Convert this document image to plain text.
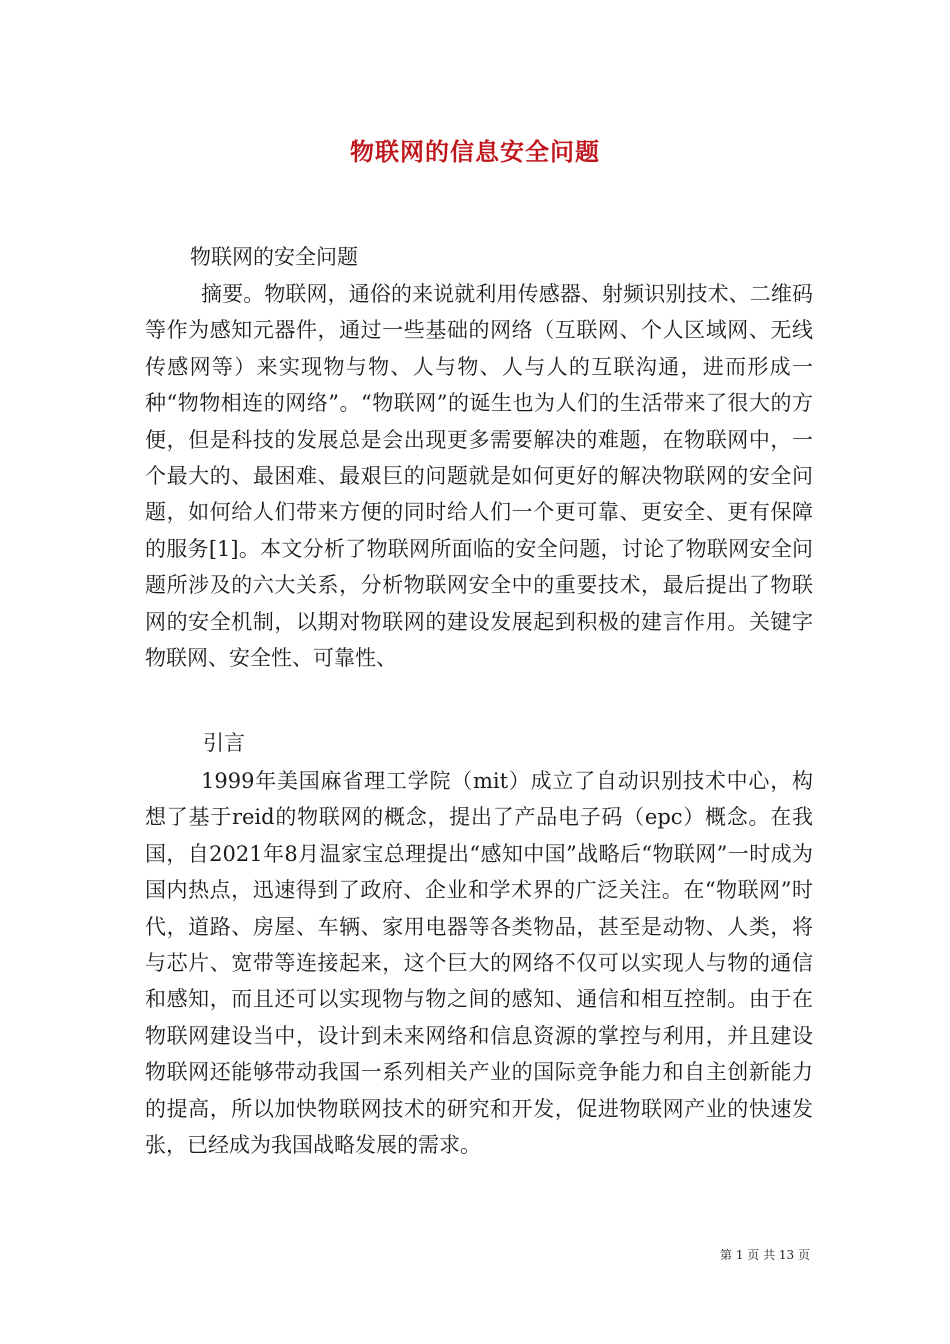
物联网的信息安全问题
物联网的安全问题

摘要。物联网，通俗的来说就利用传感器、射频识别技术、二维码等作为感知元器件，通过一些基础的网络（互联网、个人区域网、无线传感网等）来实现物与物、人与物、人与人的互联沟通，进而形成一种“物物相连的网络”。“物联网”的诞生也为人们的生活带来了很大的方便，但是科技的发展总是会出现更多需要解决的难题，在物联网中，一个最大的、最困难、最艰巨的问题就是如何更好的解决物联网的安全问题，如何给人们带来方便的同时给人们一个更可靠、更安全、更有保障的服务[1]。本文分析了物联网所面临的安全问题，讨论了物联网安全问题所涉及的六大关系，分析物联网安全中的重要技术，最后提出了物联网的安全机制，以期对物联网的建设发展起到积极的建言作用。关键字物联网、安全性、可靠性、

引言

1999年美国麻省理工学院（mit）成立了自动识别技术中心，构想了基于reid的物联网的概念，提出了产品电子码（epc）概念。在我国，自2021年8月温家宝总理提出“感知中国”战略后“物联网”一时成为国内热点，迅速得到了政府、企业和学术界的广泛关注。在“物联网”时代，道路、房屋、车辆、家用电器等各类物品，甚至是动物、人类，将与芯片、宽带等连接起来，这个巨大的网络不仅可以实现人与物的通信和感知，而且还可以实现物与物之间的感知、通信和相互控制。由于在物联网建设当中，设计到未来网络和信息资源的掌控与利用，并且建设物联网还能够带动我国一系列相关产业的国际竞争能力和自主创新能力的提高，所以加快物联网技术的研究和开发，促进物联网产业的快速发张，已经成为我国战略发展的需求。

第 1 页 共 13 页
